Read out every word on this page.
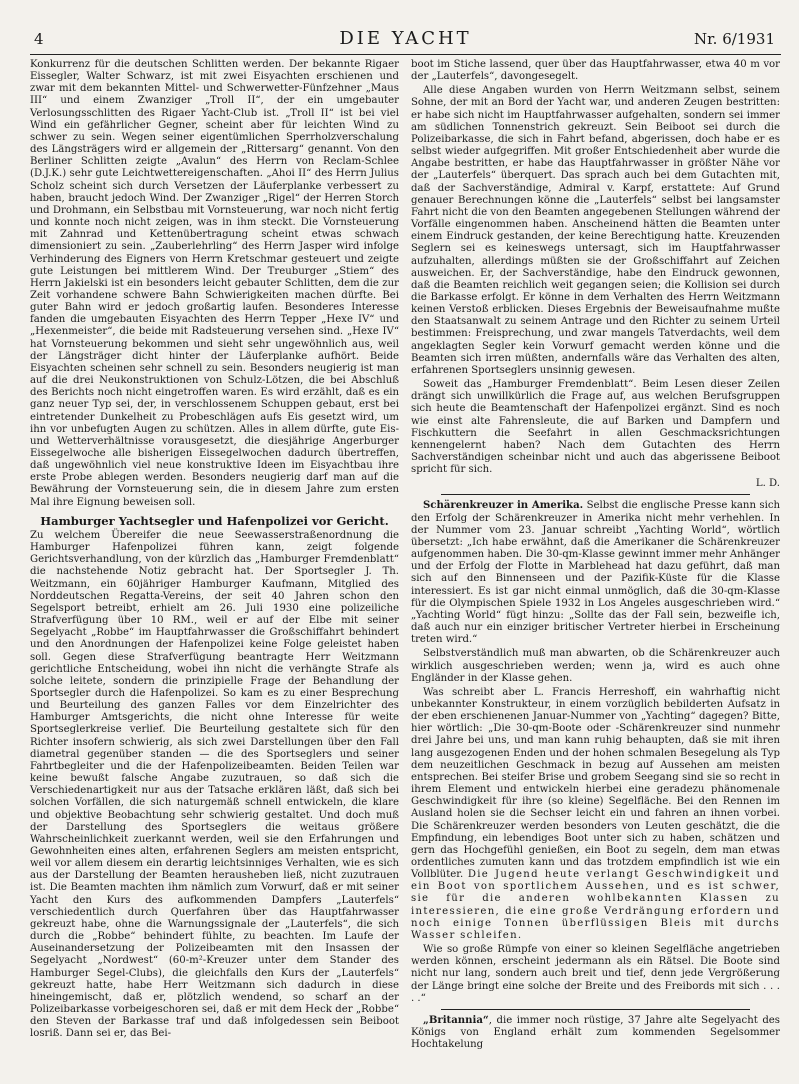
4	DIE YACHT	Nr. 6/1931

Konkurrenz für die deutschen Schlitten werden. Der bekannte Rigaer Eissegler, Walter Schwarz, ist mit zwei Eisyachten erschienen und zwar mit dem bekannten Mittel- und Schwerwetter-Fünfzehner „Maus III“ und einem Zwanziger „Troll II“, der ein umgebauter Verlosungsschlitten des Rigaer Yacht-Club ist. „Troll II“ ist bei viel Wind ein gefährlicher Gegner, scheint aber für leichten Wind zu schwer zu sein. Wegen seiner eigentümlichen Sperrholzverschalung des Längsträgers wird er allgemein der „Rittersarg“ genannt. Von den Berliner Schlitten zeigte „Avalun“ des Herrn von Reclam-Schlee (D.J.K.) sehr gute Leichtwettereigenschaften. „Ahoi II“ des Herrn Julius Scholz scheint sich durch Versetzen der Läuferplanke verbessert zu haben, braucht jedoch Wind. Der Zwanziger „Rigel“ der Herren Storch und Drohmann, ein Selbstbau mit Vornsteuerung, war noch nicht fertig und konnte noch nicht zeigen, was in ihm steckt. Die Vornsteuerung mit Zahnrad und Kettenübertragung scheint etwas schwach dimensioniert zu sein. „Zauberlehrling“ des Herrn Jasper wird infolge Verhinderung des Eigners von Herrn Kretschmar gesteuert und zeigte gute Leistungen bei mittlerem Wind. Der Treuburger „Stiem“ des Herrn Jakielski ist ein besonders leicht gebauter Schlitten, dem die zur Zeit vorhandene schwere Bahn Schwierigkeiten machen dürfte. Bei guter Bahn wird er jedoch großartig laufen. Besonderes Interesse fanden die umgebauten Eisyachten des Herrn Tepper „Hexe IV“ und „Hexenmeister“, die beide mit Radsteuerung versehen sind. „Hexe IV“ hat Vornsteuerung bekommen und sieht sehr ungewöhnlich aus, weil der Längsträger dicht hinter der Läuferplanke aufhört. Beide Eisyachten scheinen sehr schnell zu sein. Besonders neugierig ist man auf die drei Neukonstruktionen von Schulz-Lötzen, die bei Abschluß des Berichts noch nicht eingetroffen waren. Es wird erzählt, daß es ein ganz neuer Typ sei, der, in verschlossenem Schuppen gebaut, erst bei eintretender Dunkelheit zu Probeschlägen aufs Eis gesetzt wird, um ihn vor unbefugten Augen zu schützen. Alles in allem dürfte, gute Eis- und Wetterverhältnisse vorausgesetzt, die diesjährige Angerburger Eissegelwoche alle bisherigen Eissegelwochen dadurch übertreffen, daß ungewöhnlich viel neue konstruktive Ideen im Eisyachtbau ihre erste Probe ablegen werden. Besonders neugierig darf man auf die Bewährung der Vornsteuerung sein, die in diesem Jahre zum ersten Mal ihre Eignung beweisen soll.

Hamburger Yachtsegler und Hafenpolizei vor Gericht.

Zu welchem Übereifer die neue Seewasserstraßenordnung die Hamburger Hafenpolizei führen kann, zeigt folgende Gerichtsverhandlung, von der kürzlich das „Hamburger Fremdenblatt“ die nachstehende Notiz gebracht hat. Der Sportsegler J. Th. Weitzmann, ein 60jähriger Hamburger Kaufmann, Mitglied des Norddeutschen Regatta-Vereins, der seit 40 Jahren schon den Segelsport betreibt, erhielt am 26. Juli 1930 eine polizeiliche Strafverfügung über 10 RM., weil er auf der Elbe mit seiner Segelyacht „Robbe“ im Hauptfahrwasser die Großschiffahrt behindert und den Anordnungen der Hafenpolizei keine Folge geleistet haben soll. Gegen diese Strafverfügung beantragte Herr Weitzmann gerichtliche Entscheidung, wobei ihn nicht die verhängte Strafe als solche leitete, sondern die prinzipielle Frage der Behandlung der Sportsegler durch die Hafenpolizei. So kam es zu einer Besprechung und Beurteilung des ganzen Falles vor dem Einzelrichter des Hamburger Amtsgerichts, die nicht ohne Interesse für weite Sportseglerkreise verlief. Die Beurteilung gestaltete sich für den Richter insofern schwierig, als sich zwei Darstellungen über den Fall diametral gegenüber standen — die des Sportseglers und seiner Fahrtbegleiter und die der Hafenpolizeibeamten. Beiden Teilen war keine bewußt falsche Angabe zuzutrauen, so daß sich die Verschiedenartigkeit nur aus der Tatsache erklären läßt, daß sich bei solchen Vorfällen, die sich naturgemäß schnell entwickeln, die klare und objektive Beobachtung sehr schwierig gestaltet. Und doch muß der Darstellung des Sportseglers die weitaus größere Wahrscheinlichkeit zuerkannt werden, weil sie den Erfahrungen und Gewohnheiten eines alten, erfahrenen Seglers am meisten entspricht, weil vor allem diesem ein derartig leichtsinniges Verhalten, wie es sich aus der Darstellung der Beamten herausheben ließ, nicht zuzutrauen ist. Die Beamten machten ihm nämlich zum Vorwurf, daß er mit seiner Yacht den Kurs des aufkommenden Dampfers „Lauterfels“ verschiedentlich durch Querfahren über das Hauptfahrwasser gekreuzt habe, ohne die Warnungssignale der „Lauterfels“, die sich durch die „Robbe“ behindert fühlte, zu beachten. Im Laufe der Auseinandersetzung der Polizeibeamten mit den Insassen der Segelyacht „Nordwest“ (60-m²-Kreuzer unter dem Stander des Hamburger Segel-Clubs), die gleichfalls den Kurs der „Lauterfels“ gekreuzt hatte, habe Herr Weitzmann sich dadurch in diese hineingemischt, daß er, plötzlich wendend, so scharf an der Polizeibarkasse vorbeigeschoren sei, daß er mit dem Heck der „Robbe“ den Steven der Barkasse traf und daß infolgedessen sein Beiboot losriß. Dann sei er, das Bei-

boot im Stiche lassend, quer über das Hauptfahrwasser, etwa 40 m vor der „Lauterfels“, davongesegelt.

Alle diese Angaben wurden von Herrn Weitzmann selbst, seinem Sohne, der mit an Bord der Yacht war, und anderen Zeugen bestritten: er habe sich nicht im Hauptfahrwasser aufgehalten, sondern sei immer am südlichen Tonnenstrich gekreuzt. Sein Beiboot sei durch die Polizeibarkasse, die sich in Fahrt befand, abgerissen, doch habe er es selbst wieder aufgegriffen. Mit großer Entschiedenheit aber wurde die Angabe bestritten, er habe das Hauptfahrwasser in größter Nähe vor der „Lauterfels“ überquert. Das sprach auch bei dem Gutachten mit, daß der Sachverständige, Admiral v. Karpf, erstattete: Auf Grund genauer Berechnungen könne die „Lauterfels“ selbst bei langsamster Fahrt nicht die von den Beamten angegebenen Stellungen während der Vorfälle eingenommen haben. Anscheinend hätten die Beamten unter einem Eindruck gestanden, der keine Berechtigung hatte. Kreuzenden Seglern sei es keineswegs untersagt, sich im Hauptfahrwasser aufzuhalten, allerdings müßten sie der Großschiffahrt auf Zeichen ausweichen. Er, der Sachverständige, habe den Eindruck gewonnen, daß die Beamten reichlich weit gegangen seien; die Kollision sei durch die Barkasse erfolgt. Er könne in dem Verhalten des Herrn Weitzmann keinen Verstoß erblicken. Dieses Ergebnis der Beweisaufnahme mußte den Staatsanwalt zu seinem Antrage und den Richter zu seinem Urteil bestimmen: Freisprechung, und zwar mangels Tatverdachts, weil dem angeklagten Segler kein Vorwurf gemacht werden könne und die Beamten sich irren müßten, andernfalls wäre das Verhalten des alten, erfahrenen Sportseglers unsinnig gewesen.

Soweit das „Hamburger Fremdenblatt“. Beim Lesen dieser Zeilen drängt sich unwillkürlich die Frage auf, aus welchen Berufsgruppen sich heute die Beamtenschaft der Hafenpolizei ergänzt. Sind es noch wie einst alte Fahrensleute, die auf Barken und Dampfern und Fischkuttern die Seefahrt in allen Geschmacksrichtungen kennengelernt haben? Nach dem Gutachten des Herrn Sachverständigen scheinbar nicht und auch das abgerissene Beiboot spricht für sich.

L. D.

Schärenkreuzer in Amerika. Selbst die englische Presse kann sich den Erfolg der Schärenkreuzer in Amerika nicht mehr verhehlen. In der Nummer vom 23. Januar schreibt „Yachting World“, wörtlich übersetzt: „Ich habe erwähnt, daß die Amerikaner die Schärenkreuzer aufgenommen haben. Die 30-qm-Klasse gewinnt immer mehr Anhänger und der Erfolg der Flotte in Marblehead hat dazu geführt, daß man sich auf den Binnenseen und der Pazifik-Küste für die Klasse interessiert. Es ist gar nicht einmal unmöglich, daß die 30-qm-Klasse für die Olympischen Spiele 1932 in Los Angeles ausgeschrieben wird.“ „Yachting World“ fügt hinzu: „Sollte das der Fall sein, bezweifle ich, daß auch nur ein einziger britischer Vertreter hierbei in Erscheinung treten wird.“

Selbstverständlich muß man abwarten, ob die Schärenkreuzer auch wirklich ausgeschrieben werden; wenn ja, wird es auch ohne Engländer in der Klasse gehen.

Was schreibt aber L. Francis Herreshoff, ein wahrhaftig nicht unbekannter Konstrukteur, in einem vorzüglich bebilderten Aufsatz in der eben erschienenen Januar-Nummer von „Yachting“ dagegen? Bitte, hier wörtlich: „Die 30-qm-Boote oder -Schärenkreuzer sind nunmehr drei Jahre bei uns, und man kann ruhig behaupten, daß sie mit ihren lang ausgezogenen Enden und der hohen schmalen Besegelung als Typ dem neuzeitlichen Geschmack in bezug auf Aussehen am meisten entsprechen. Bei steifer Brise und grobem Seegang sind sie so recht in ihrem Element und entwickeln hierbei eine geradezu phänomenale Geschwindigkeit für ihre (so kleine) Segelfläche. Bei den Rennen im Ausland holen sie die Sechser leicht ein und fahren an ihnen vorbei. Die Schärenkreuzer werden besonders von Leuten geschätzt, die die Empfindung, ein lebendiges Boot unter sich zu haben, schätzen und gern das Hochgefühl genießen, ein Boot zu segeln, dem man etwas ordentliches zumuten kann und das trotzdem empfindlich ist wie ein Vollblüter. Die Jugend heute verlangt Geschwindigkeit und ein Boot von sportlichem Aussehen, und es ist schwer, sie für die anderen wohlbekannten Klassen zu interessieren, die eine große Verdrängung erfordern und noch einige Tonnen überflüssigen Bleis mit durchs Wasser schleifen.

Wie so große Rümpfe von einer so kleinen Segelfläche angetrieben werden können, erscheint jedermann als ein Rätsel. Die Boote sind nicht nur lang, sondern auch breit und tief, denn jede Vergrößerung der Länge bringt eine solche der Breite und des Freibords mit sich . . . . .“

„Britannia“, die immer noch rüstige, 37 Jahre alte Segelyacht des Königs von England erhält zum kommenden Segelsommer Hochtakelung
